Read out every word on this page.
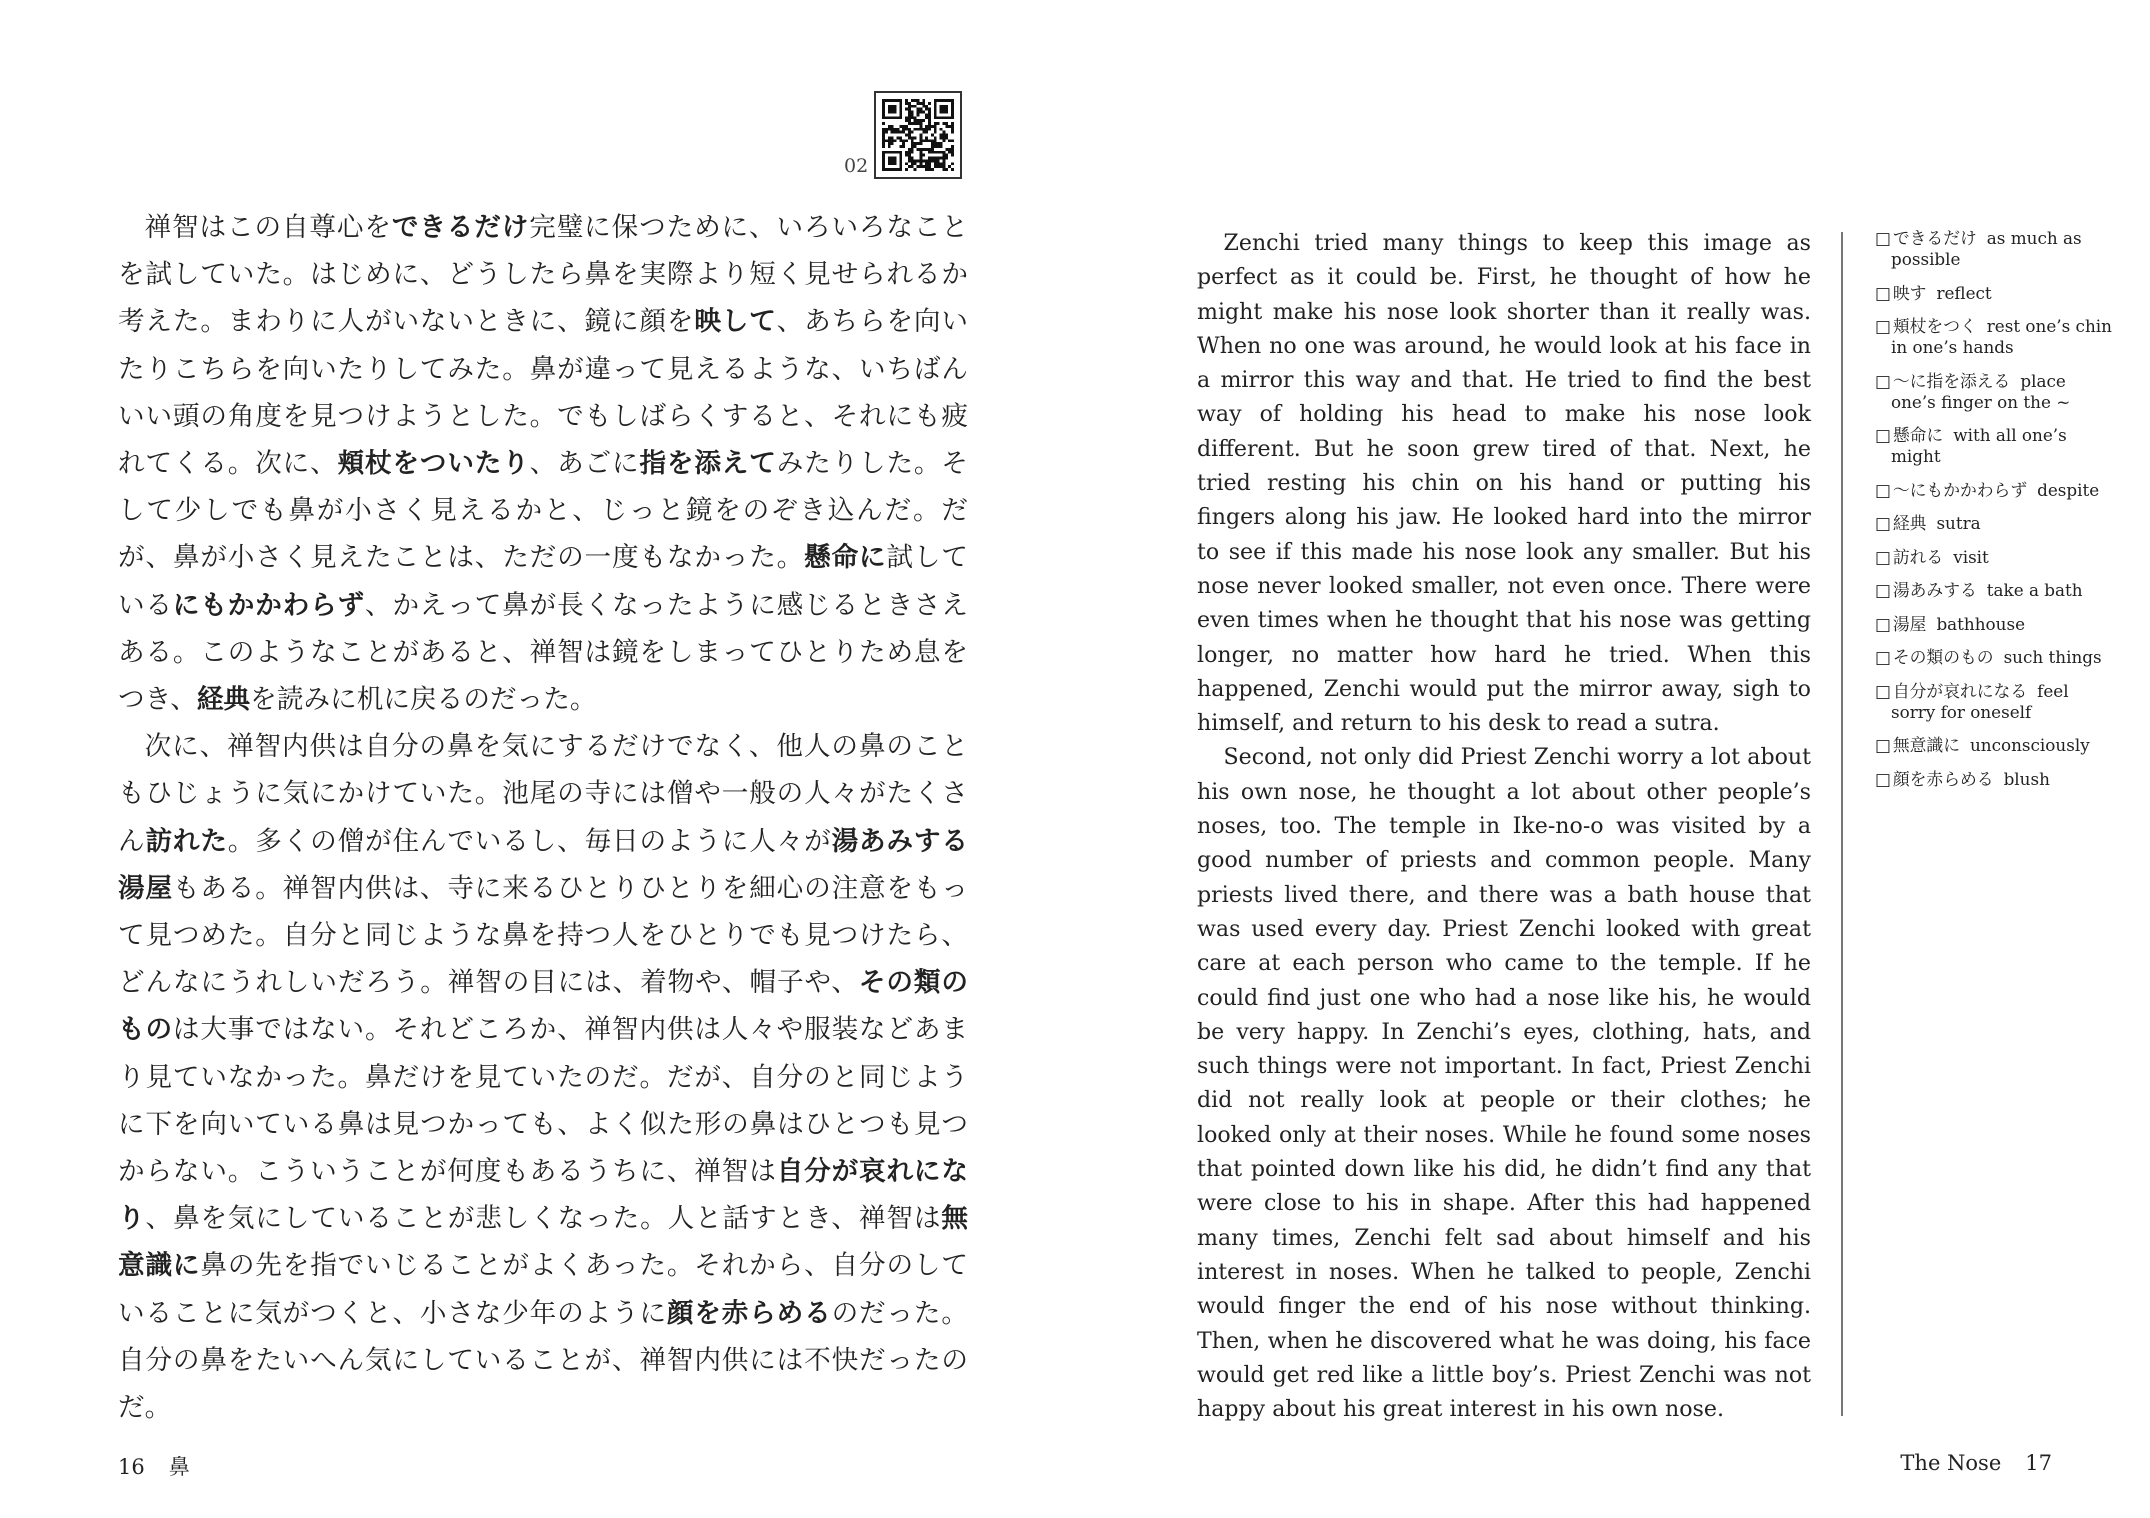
02

禅智はこの自尊心をできるだけ完璧に保つために、いろいろなことを試していた。はじめに、どうしたら鼻を実際より短く見せられるか考えた。まわりに人がいないときに、鏡に顔を映して、あちらを向いたりこちらを向いたりしてみた。鼻が違って見えるような、いちばんいい頭の角度を見つけようとした。でもしばらくすると、それにも疲れてくる。次に、頬杖をついたり、あごに指を添えてみたりした。そして少しでも鼻が小さく見えるかと、じっと鏡をのぞき込んだ。だが、鼻が小さく見えたことは、ただの一度もなかった。懸命に試しているにもかかわらず、かえって鼻が長くなったように感じるときさえある。このようなことがあると、禅智は鏡をしまってひとりため息をつき、経典を読みに机に戻るのだった。

次に、禅智内供は自分の鼻を気にするだけでなく、他人の鼻のこともひじょうに気にかけていた。池尾の寺には僧や一般の人々がたくさん訪れた。多くの僧が住んでいるし、毎日のように人々が湯あみする湯屋もある。禅智内供は、寺に来るひとりひとりを細心の注意をもって見つめた。自分と同じような鼻を持つ人をひとりでも見つけたら、どんなにうれしいだろう。禅智の目には、着物や、帽子や、その類のものは大事ではない。それどころか、禅智内供は人々や服装などあまり見ていなかった。鼻だけを見ていたのだ。だが、自分のと同じように下を向いている鼻は見つかっても、よく似た形の鼻はひとつも見つからない。こういうことが何度もあるうちに、禅智は自分が哀れになり、鼻を気にしていることが悲しくなった。人と話すとき、禅智は無意識に鼻の先を指でいじることがよくあった。それから、自分のしていることに気がつくと、小さな少年のように顔を赤らめるのだった。自分の鼻をたいへん気にしていることが、禅智内供には不快だったのだ。

16 鼻

Zenchi tried many things to keep this image as perfect as it could be. First, he thought of how he might make his nose look shorter than it really was. When no one was around, he would look at his face in a mirror this way and that. He tried to find the best way of holding his head to make his nose look different. But he soon grew tired of that. Next, he tried resting his chin on his hand or putting his fingers along his jaw. He looked hard into the mirror to see if this made his nose look any smaller. But his nose never looked smaller, not even once. There were even times when he thought that his nose was getting longer, no matter how hard he tried. When this happened, Zenchi would put the mirror away, sigh to himself, and return to his desk to read a sutra.

Second, not only did Priest Zenchi worry a lot about his own nose, he thought a lot about other people’s noses, too. The temple in Ike-no-o was visited by a good number of priests and common people. Many priests lived there, and there was a bath house that was used every day. Priest Zenchi looked with great care at each person who came to the temple. If he could find just one who had a nose like his, he would be very happy. In Zenchi’s eyes, clothing, hats, and such things were not important. In fact, Priest Zenchi did not really look at people or their clothes; he looked only at their noses. While he found some noses that pointed down like his did, he didn’t find any that were close to his in shape. After this had happened many times, Zenchi felt sad about himself and his interest in noses. When he talked to people, Zenchi would finger the end of his nose without thinking. Then, when he discovered what he was doing, his face would get red like a little boy’s. Priest Zenchi was not happy about his great interest in his own nose.

□ できるだけ as much as possible
□ 映す reflect
□ 頬杖をつく rest one’s chin in one’s hands
□ 〜に指を添える place one’s finger on the ~
□ 懸命に with all one’s might
□ 〜にもかかわらず despite
□ 経典 sutra
□ 訪れる visit
□ 湯あみする take a bath
□ 湯屋 bathhouse
□ その類のもの such things
□ 自分が哀れになる feel sorry for oneself
□ 無意識に unconsciously
□ 顔を赤らめる blush
The Nose 17
